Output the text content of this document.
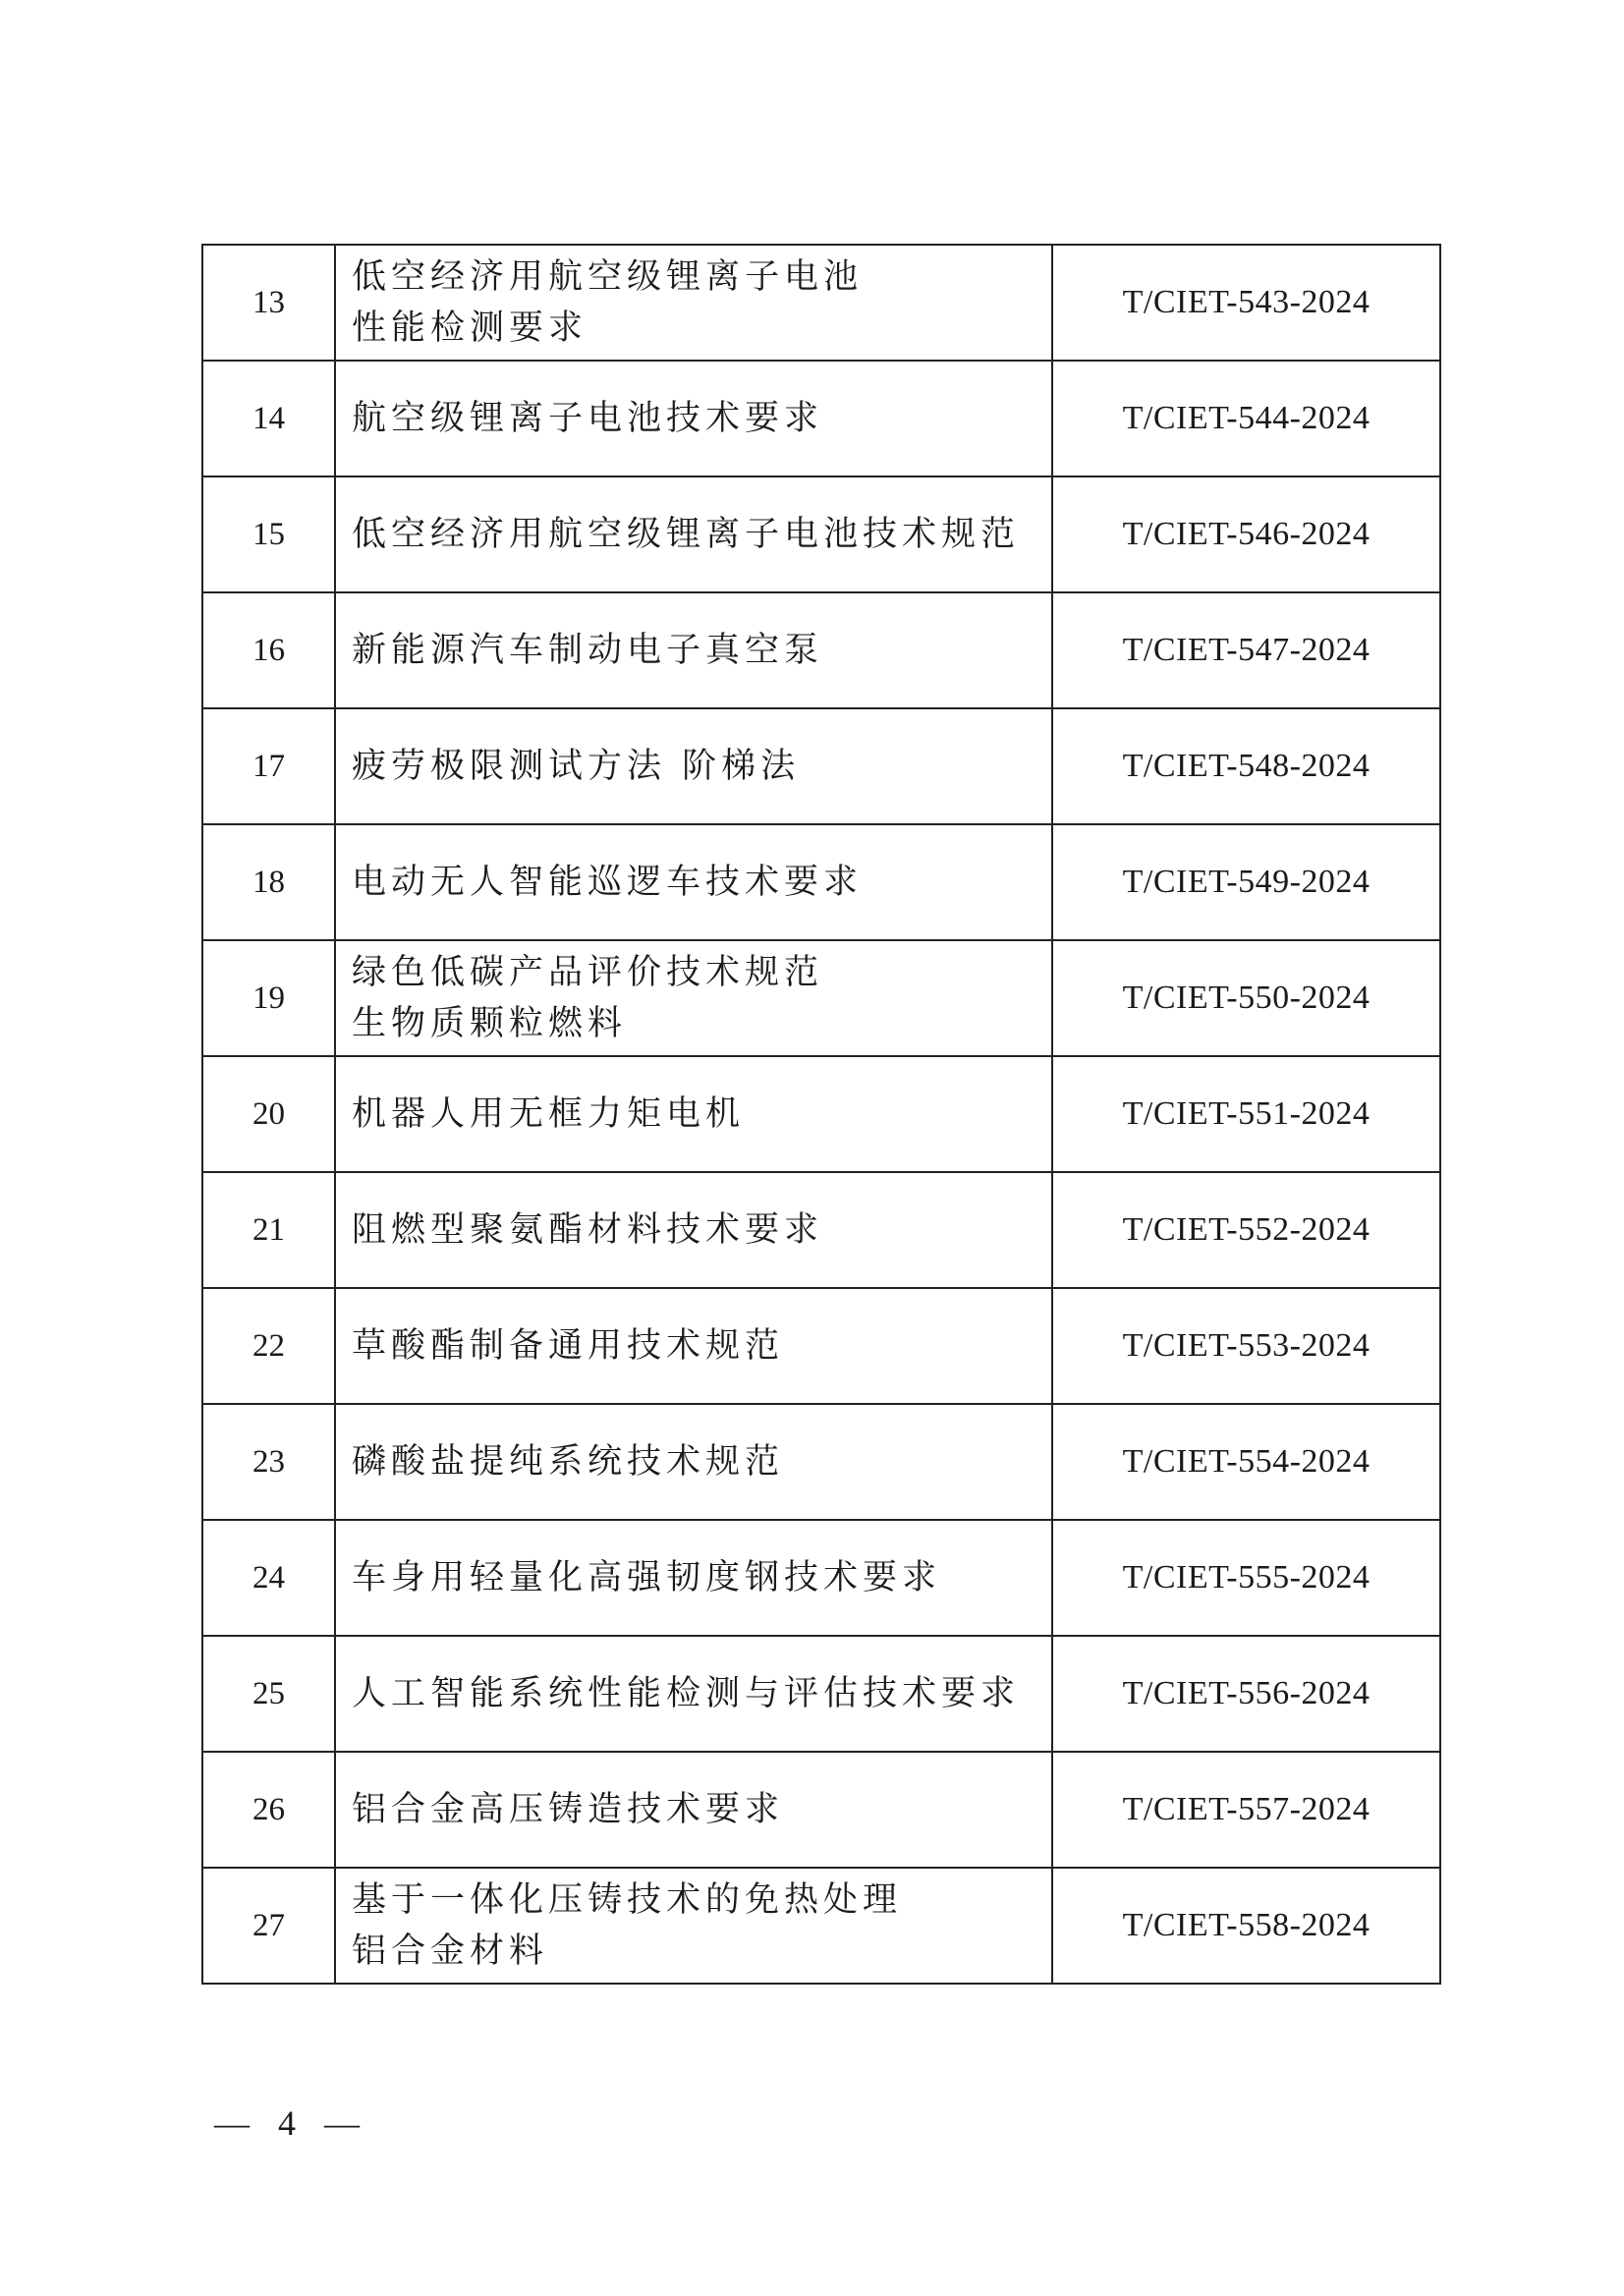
13	低空经济用航空级锂离子电池
性能检测要求	T/CIET-543-2024
14	航空级锂离子电池技术要求	T/CIET-544-2024
15	低空经济用航空级锂离子电池技术规范	T/CIET-546-2024
16	新能源汽车制动电子真空泵	T/CIET-547-2024
17	疲劳极限测试方法 阶梯法	T/CIET-548-2024
18	电动无人智能巡逻车技术要求	T/CIET-549-2024
19	绿色低碳产品评价技术规范
生物质颗粒燃料	T/CIET-550-2024
20	机器人用无框力矩电机	T/CIET-551-2024
21	阻燃型聚氨酯材料技术要求	T/CIET-552-2024
22	草酸酯制备通用技术规范	T/CIET-553-2024
23	磷酸盐提纯系统技术规范	T/CIET-554-2024
24	车身用轻量化高强韧度钢技术要求	T/CIET-555-2024
25	人工智能系统性能检测与评估技术要求	T/CIET-556-2024
26	铝合金高压铸造技术要求	T/CIET-557-2024
27	基于一体化压铸技术的免热处理
铝合金材料	T/CIET-558-2024
— 4 —
